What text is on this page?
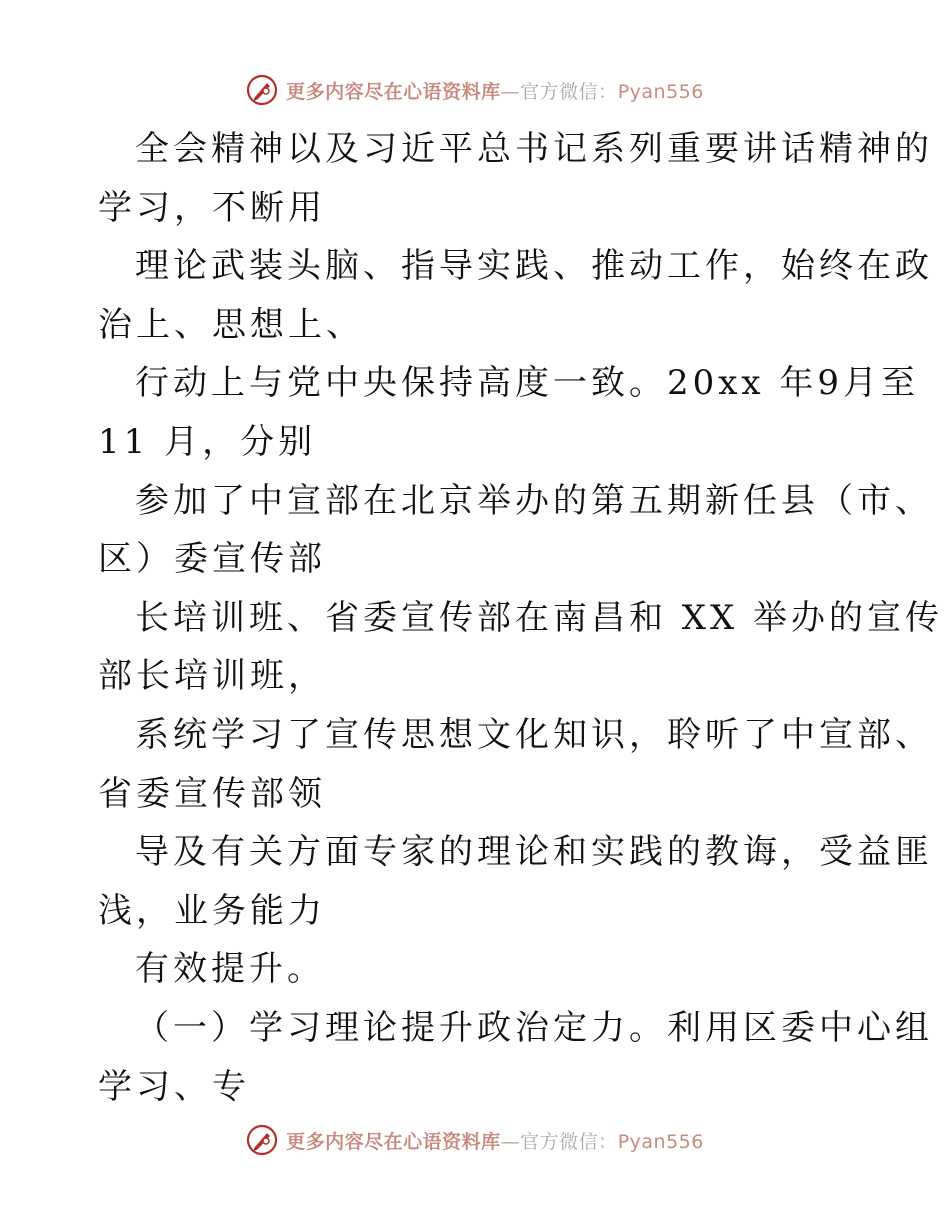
更多内容尽在心语资料库—官方微信：Pyan556
全会精神以及习近平总书记系列重要讲话精神的
学习，不断用
理论武装头脑、指导实践、推动工作，始终在政
治上、思想上、
行动上与党中央保持高度一致。20xx 年9月至
11 月，分别
参加了中宣部在北京举办的第五期新任县（市、
区）委宣传部
长培训班、省委宣传部在南昌和 XX 举办的宣传
部长培训班，
系统学习了宣传思想文化知识，聆听了中宣部、
省委宣传部领
导及有关方面专家的理论和实践的教诲，受益匪
浅，业务能力
有效提升。
（一）学习理论提升政治定力。利用区委中心组
学习、专
更多内容尽在心语资料库—官方微信：Pyan556
